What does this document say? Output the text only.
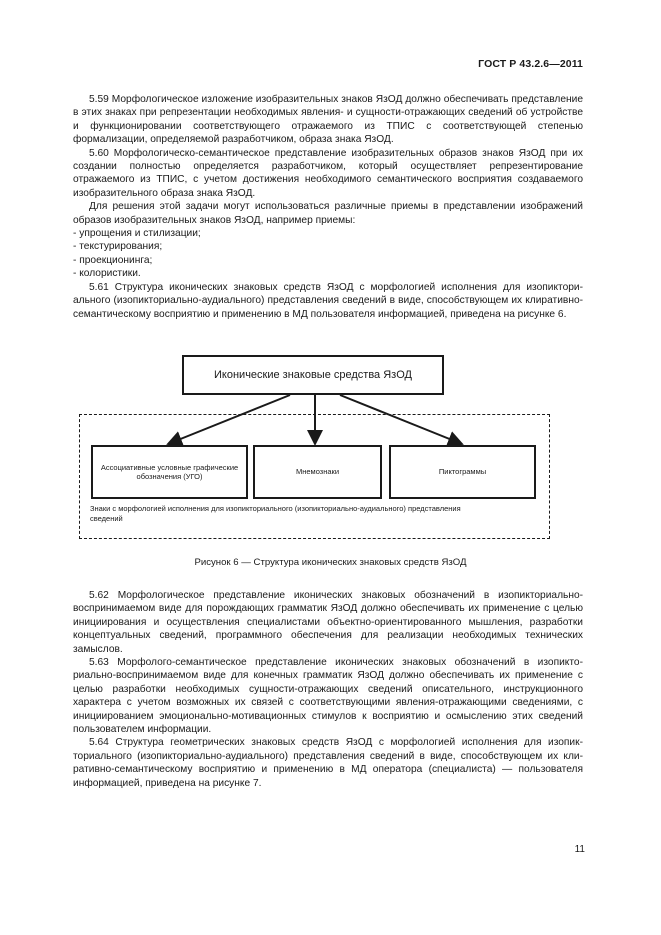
ГОСТ Р 43.2.6—2011

5.59 Морфологическое изложение изобразительных знаков ЯзОД должно обеспечивать представление в этих знаках при репрезентации необходимых явления- и сущности-отражающих сведений об устройстве и функционировании соответствующего отражаемого из ТПИС с соответствующей степенью формализации, определяемой разработчиком, образа знака ЯзОД.

5.60 Морфологическо-семантическое представление изобразительных образов знаков ЯзОД при их создании полностью определяется разработчиком, который осуществляет репрезентирование отражаемого из ТПИС, с учетом достижения необходимого семантического восприятия создаваемого изобразительного образа знака ЯзОД.

Для решения этой задачи могут использоваться различные приемы в представлении изображений образов изобразительных знаков ЯзОД, например приемы:

- упрощения и стилизации;
- текстурирования;
- проекционинга;
- колористики.

5.61 Структура иконических знаковых средств ЯзОД с морфологией исполнения для изопикториального (изопикториально-аудиального) представления сведений в виде, способствующем их клиративно-семантическому восприятию и применению в МД пользователя информацией, приведена на рисунке 6.

Иконические знаковые средства ЯзОД
Ассоциативные условные графические обозначения (УГО)
Мнемознаки	Пиктограммы
Знаки с морфологией исполнения для изопикториального (изопикториально-аудиального) представления сведений
Рисунок 6 — Структура иконических знаковых средств ЯзОД

5.62 Морфологическое представление иконических знаковых обозначений в изопикториально-воспринимаемом виде для порождающих грамматик ЯзОД должно обеспечивать их применение с целью инициирования и осуществления специалистами объектно-ориентированного мышления, разработки концептуальных сведений, программного обеспечения для реализации необходимых технических замыслов.

5.63 Морфолого-семантическое представление иконических знаковых обозначений в изопикториально-воспринимаемом виде для конечных грамматик ЯзОД должно обеспечивать их применение с целью разработки необходимых сущности-отражающих сведений описательного, инструкционного характера с учетом возможных их связей с соответствующими явления-отражающими сведениями, с инициированием эмоционально-мотивационных стимулов к восприятию и осмыслению этих сведений пользователем информации.

5.64 Структура геометрических знаковых средств ЯзОД с морфологией исполнения для изопикториального (изопикториально-аудиального) представления сведений в виде, способствующем их клиративно-семантическому восприятию и применению в МД оператора (специалиста) — пользователя информацией, приведена на рисунке 7.

11
